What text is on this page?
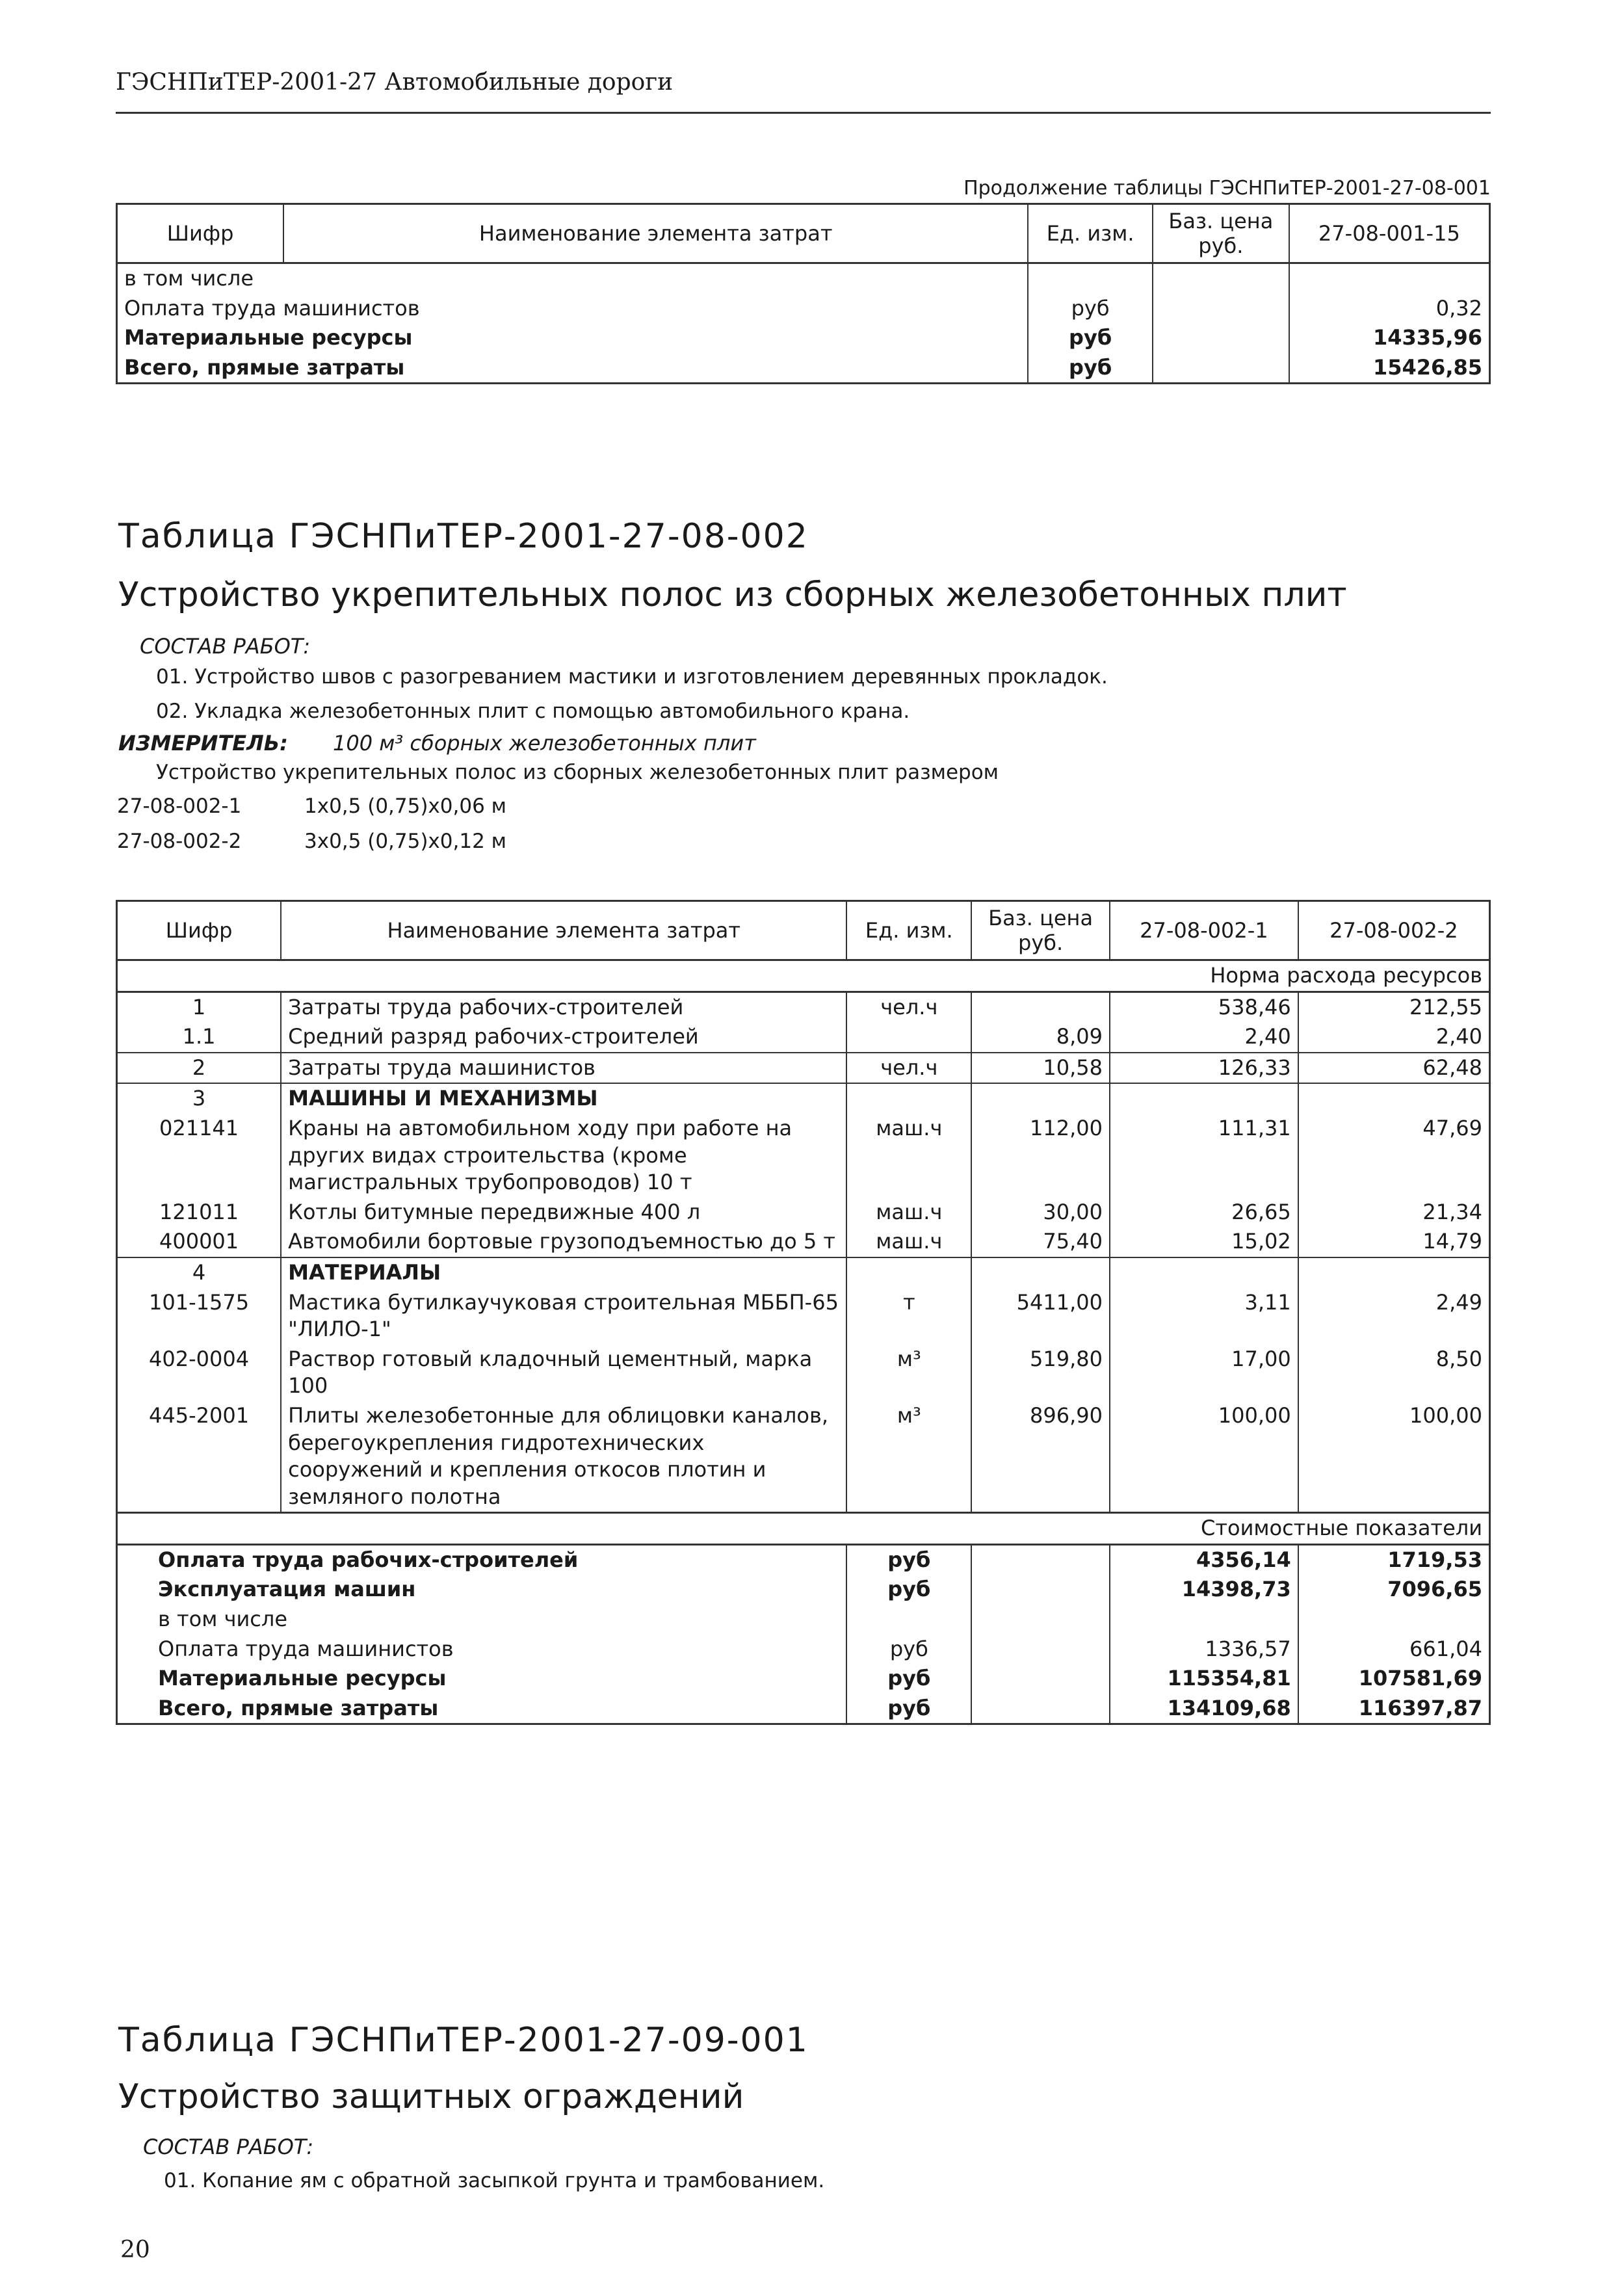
ГЭСНПиТЕР-2001-27 Автомобильные дороги
Продолжение таблицы ГЭСНПиТЕР-2001-27-08-001
Шифр	Наименование элемента затрат	Ед. изм.	Баз. цена руб.	27-08-001-15
в том числе				
Оплата труда машинистов		руб		0,32
Материальные ресурсы		руб		14335,96
Всего, прямые затраты		руб		15426,85
Таблица ГЭСНПиТЕР-2001-27-08-002
Устройство укрепительных полос из сборных железобетонных плит
СОСТАВ РАБОТ:
01. Устройство швов с разогреванием мастики и изготовлением деревянных прокладок.
02. Укладка железобетонных плит с помощью автомобильного крана.
ИЗМЕРИТЕЛЬ: 100 м³ сборных железобетонных плит
Устройство укрепительных полос из сборных железобетонных плит размером
27-08-002-1	1x0,5 (0,75)x0,06 м
27-08-002-2	3x0,5 (0,75)x0,12 м
Шифр	Наименование элемента затрат	Ед. изм.	Баз. цена руб.	27-08-002-1	27-08-002-2
Норма расхода ресурсов					
1	Затраты труда рабочих-строителей	чел.ч		538,46	212,55
1.1	Средний разряд рабочих-строителей		8,09	2,40	2,40
2	Затраты труда машинистов	чел.ч	10,58	126,33	62,48
3	МАШИНЫ И МЕХАНИЗМЫ				
021141	Краны на автомобильном ходу при работе на других видах строительства (кроме магистральных трубопроводов) 10 т	маш.ч	112,00	111,31	47,69
121011	Котлы битумные передвижные 400 л	маш.ч	30,00	26,65	21,34
400001	Автомобили бортовые грузоподъемностью до 5 т	маш.ч	75,40	15,02	14,79
4	МАТЕРИАЛЫ				
101-1575	Мастика бутилкаучуковая строительная МББП-65 "ЛИЛО-1"	т	5411,00	3,11	2,49
402-0004	Раствор готовый кладочный цементный, марка 100	м³	519,80	17,00	8,50
445-2001	Плиты железобетонные для облицовки каналов, берегоукрепления гидротехнических сооружений и крепления откосов плотин и земляного полотна	м³	896,90	100,00	100,00
Стоимостные показатели					
Оплата труда рабочих-строителей		руб		4356,14	1719,53
Эксплуатация машин		руб		14398,73	7096,65
в том числе					
Оплата труда машинистов		руб		1336,57	661,04
Материальные ресурсы		руб		115354,81	107581,69
Всего, прямые затраты		руб		134109,68	116397,87
Таблица ГЭСНПиТЕР-2001-27-09-001
Устройство защитных ограждений
СОСТАВ РАБОТ:
01. Копание ям с обратной засыпкой грунта и трамбованием.
20
